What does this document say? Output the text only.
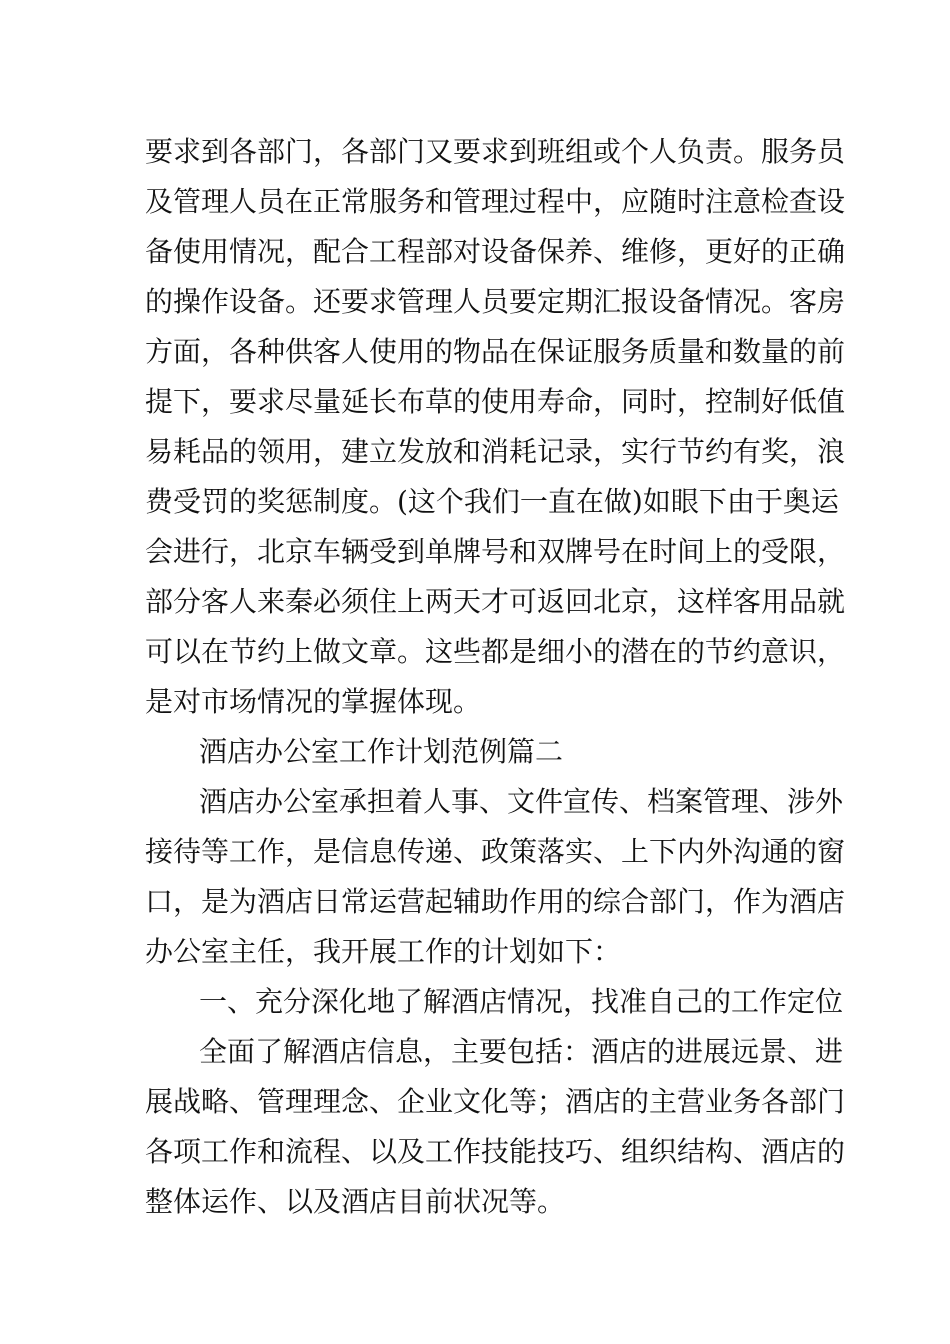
要求到各部门，各部门又要求到班组或个人负责。服务员
及管理人员在正常服务和管理过程中，应随时注意检查设
备使用情况，配合工程部对设备保养、维修，更好的正确
的操作设备。还要求管理人员要定期汇报设备情况。客房
方面，各种供客人使用的物品在保证服务质量和数量的前
提下，要求尽量延长布草的使用寿命，同时，控制好低值
易耗品的领用，建立发放和消耗记录，实行节约有奖，浪
费受罚的奖惩制度。(这个我们一直在做)如眼下由于奥运
会进行，北京车辆受到单牌号和双牌号在时间上的受限，
部分客人来秦必须住上两天才可返回北京，这样客用品就
可以在节约上做文章。这些都是细小的潜在的节约意识，
是对市场情况的掌握体现。
酒店办公室工作计划范例篇二
酒店办公室承担着人事、文件宣传、档案管理、涉外
接待等工作，是信息传递、政策落实、上下内外沟通的窗
口，是为酒店日常运营起辅助作用的综合部门，作为酒店
办公室主任，我开展工作的计划如下：
一、充分深化地了解酒店情况，找准自己的工作定位
全面了解酒店信息，主要包括：酒店的进展远景、进
展战略、管理理念、企业文化等；酒店的主营业务各部门
各项工作和流程、以及工作技能技巧、组织结构、酒店的
整体运作、以及酒店目前状况等。
